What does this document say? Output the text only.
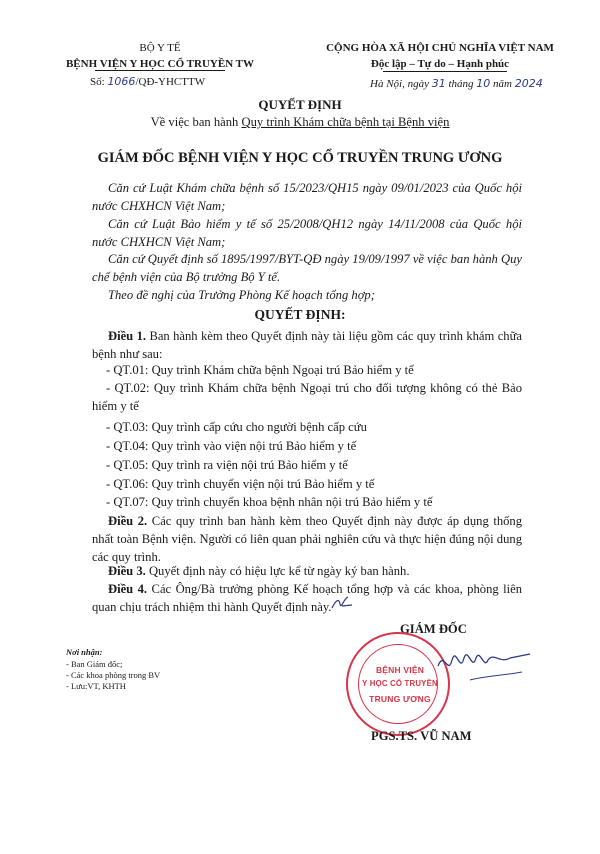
BỘ Y TẾ
BỆNH VIỆN Y HỌC CỔ TRUYỀN TW
Số: 1066/QĐ-YHCTTW
CỘNG HÒA XÃ HỘI CHỦ NGHĨA VIỆT NAM
Độc lập – Tự do – Hạnh phúc
Hà Nội, ngày 31 tháng 10 năm 2024
QUYẾT ĐỊNH
Về việc ban hành Quy trình Khám chữa bệnh tại Bệnh viện
GIÁM ĐỐC BỆNH VIỆN Y HỌC CỔ TRUYỀN TRUNG ƯƠNG
Căn cứ Luật Khám chữa bệnh số 15/2023/QH15 ngày 09/01/2023 của Quốc hội nước CHXHCN Việt Nam;
Căn cứ Luật Bảo hiểm y tế số 25/2008/QH12 ngày 14/11/2008 của Quốc hội nước CHXHCN Việt Nam;
Căn cứ Quyết định số 1895/1997/BYT-QĐ ngày 19/09/1997 về việc ban hành Quy chế bệnh viện của Bộ trưởng Bộ Y tế.
Theo đề nghị của Trưởng Phòng Kế hoạch tổng hợp;
QUYẾT ĐỊNH:
Điều 1. Ban hành kèm theo Quyết định này tài liệu gồm các quy trình khám chữa bệnh như sau:
- QT.01: Quy trình Khám chữa bệnh Ngoại trú Bảo hiểm y tế
- QT.02: Quy trình Khám chữa bệnh Ngoại trú cho đối tượng không có thẻ Bảo hiểm y tế
- QT.03: Quy trình cấp cứu cho người bệnh cấp cứu
- QT.04: Quy trình vào viện nội trú Bảo hiểm y tế
- QT.05: Quy trình ra viện nội trú Bảo hiểm y tế
- QT.06: Quy trình chuyển viện nội trú Bảo hiểm y tế
- QT.07: Quy trình chuyển khoa bệnh nhân nội trú Bảo hiểm y tế
Điều 2. Các quy trình ban hành kèm theo Quyết định này được áp dụng thống nhất toàn Bệnh viện. Người có liên quan phải nghiên cứu và thực hiện đúng nội dung các quy trình.
Điều 3. Quyết định này có hiệu lực kể từ ngày ký ban hành.
Điều 4. Các Ông/Bà trưởng phòng Kế hoạch tổng hợp và các khoa, phòng liên quan chịu trách nhiệm thi hành Quyết định này.
Nơi nhận:
- Ban Giám đốc;
- Các khoa phòng trong BV
- Lưu:VT, KHTH
GIÁM ĐỐC
BỆNH VIỆN
Y HỌC CỔ TRUYỀN
TRUNG ƯƠNG
PGS.TS. VŨ NAM
